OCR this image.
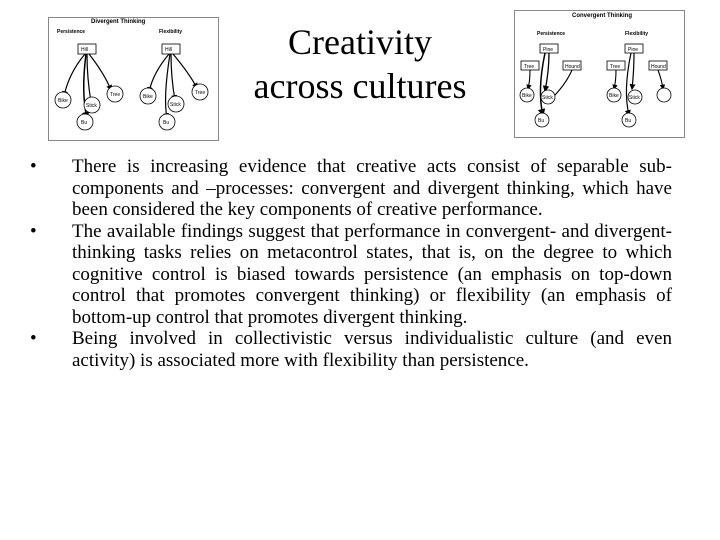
Divergent Thinking
Persistence
Hill
Bike
Stick
Tree
Bu
Flexibility
Hill
Bike
Stick
Tree
Bu
Creativity
across cultures
Convergent Thinking
Persistence
Pine
Tree	Hound
Bike Stick
Bu
Flexibility
Pine
Tree	Hound
Bike Stick
Bu
• There is increasing evidence that creative acts consist of separable sub-components and –processes: convergent and divergent thinking, which have been considered the key components of creative performance.
• The available findings suggest that performance in convergent- and divergent-thinking tasks relies on metacontrol states, that is, on the degree to which cognitive control is biased towards persistence (an emphasis on top-down control that promotes convergent thinking) or flexibility (an emphasis of bottom-up control that promotes divergent thinking.
• Being involved in collectivistic versus individualistic culture (and even activity) is associated more with flexibility than persistence.
